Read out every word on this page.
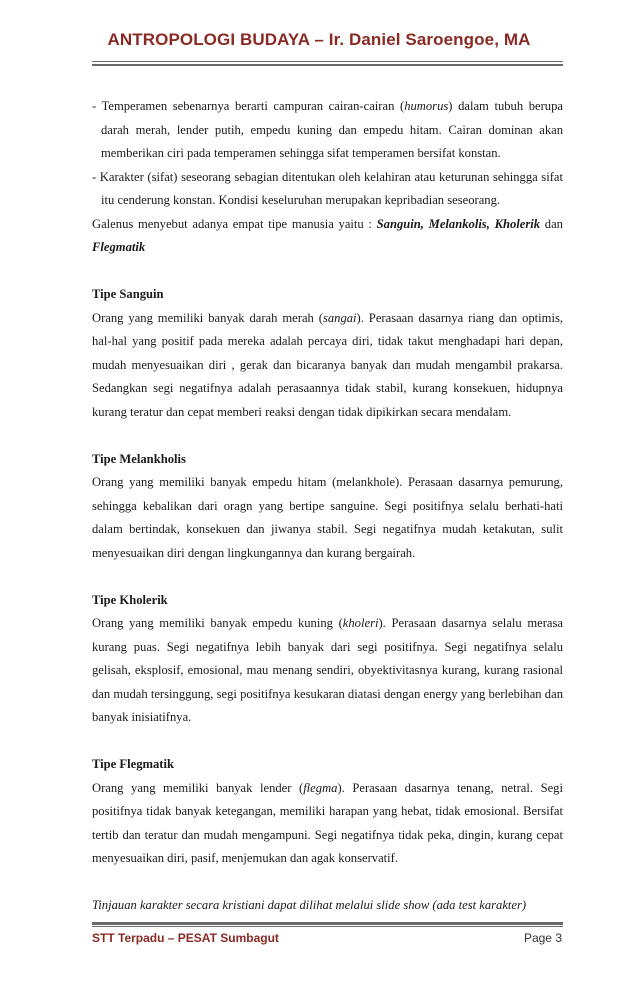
ANTROPOLOGI BUDAYA – Ir. Daniel Saroengoe, MA

- Temperamen sebenarnya berarti campuran cairan-cairan (humorus) dalam tubuh berupa darah merah, lender putih, empedu kuning dan empedu hitam. Cairan dominan akan memberikan ciri pada temperamen sehingga sifat temperamen bersifat konstan.

- Karakter (sifat) seseorang sebagian ditentukan oleh kelahiran atau keturunan sehingga sifat itu cenderung konstan. Kondisi keseluruhan merupakan kepribadian seseorang.

Galenus menyebut adanya empat tipe manusia yaitu : Sanguin, Melankolis, Kholerik dan Flegmatik

Tipe Sanguin

Orang yang memiliki banyak darah merah (sangai). Perasaan dasarnya riang dan optimis, hal-hal yang positif pada mereka adalah percaya diri, tidak takut menghadapi hari depan, mudah menyesuaikan diri , gerak dan bicaranya banyak dan mudah mengambil prakarsa. Sedangkan segi negatifnya adalah perasaannya tidak stabil, kurang konsekuen, hidupnya kurang teratur dan cepat memberi reaksi dengan tidak dipikirkan secara mendalam.

Tipe Melankholis

Orang yang memiliki banyak empedu hitam (melankhole). Perasaan dasarnya pemurung, sehingga kebalikan dari oragn yang bertipe sanguine. Segi positifnya selalu berhati-hati dalam bertindak, konsekuen dan jiwanya stabil. Segi negatifnya mudah ketakutan, sulit menyesuaikan diri dengan lingkungannya dan kurang bergairah.

Tipe Kholerik

Orang yang memiliki banyak empedu kuning (kholeri). Perasaan dasarnya selalu merasa kurang puas. Segi negatifnya lebih banyak dari segi positifnya. Segi negatifnya selalu gelisah, eksplosif, emosional, mau menang sendiri, obyektivitasnya kurang, kurang rasional dan mudah tersinggung, segi positifnya kesukaran diatasi dengan energy yang berlebihan dan banyak inisiatifnya.

Tipe Flegmatik

Orang yang memiliki banyak lender (flegma). Perasaan dasarnya tenang, netral. Segi positifnya tidak banyak ketegangan, memiliki harapan yang hebat, tidak emosional. Bersifat tertib dan teratur dan mudah mengampuni. Segi negatifnya tidak peka, dingin, kurang cepat menyesuaikan diri, pasif, menjemukan dan agak konservatif.

Tinjauan karakter secara kristiani dapat dilihat melalui slide show (ada test karakter)

STT Terpadu – PESAT Sumbagut	Page 3
